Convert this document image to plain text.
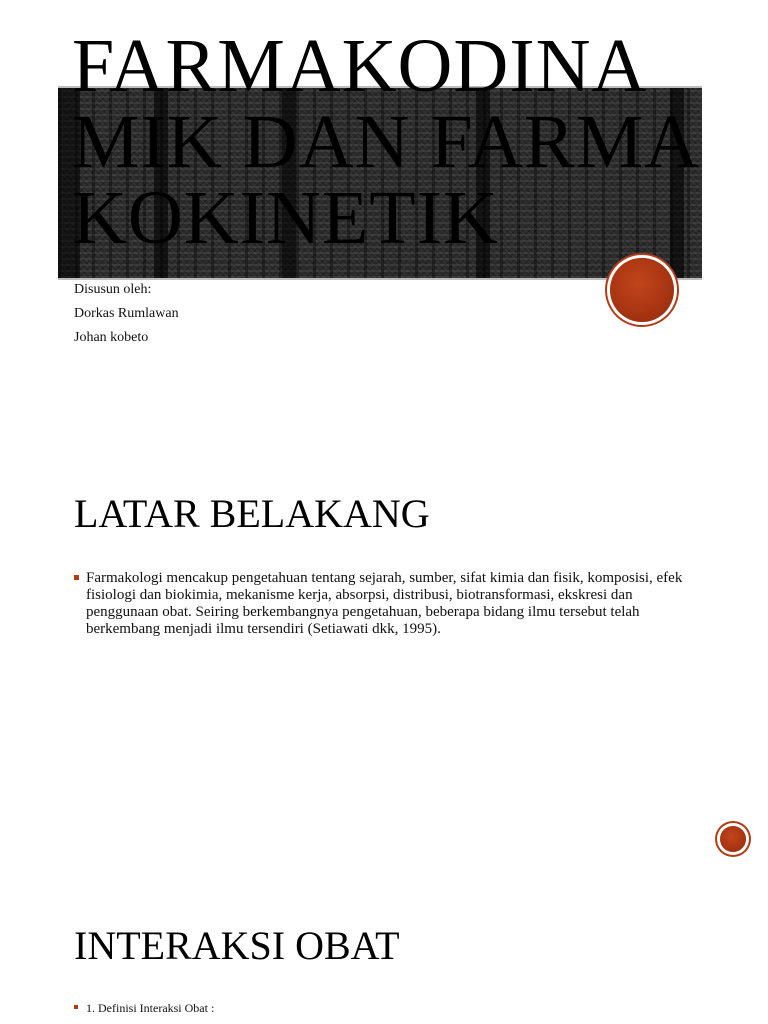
FARMAKODINAMIK DAN FARMAKOKINETIK
Disusun oleh:
Dorkas Rumlawan
Johan kobeto
LATAR BELAKANG
Farmakologi mencakup pengetahuan tentang sejarah, sumber, sifat kimia dan fisik, komposisi, efek fisiologi dan biokimia, mekanisme kerja, absorpsi, distribusi, biotransformasi, ekskresi dan penggunaan obat. Seiring berkembangnya pengetahuan, beberapa bidang ilmu tersebut telah berkembang menjadi ilmu tersendiri (Setiawati dkk, 1995).
INTERAKSI OBAT
1. Definisi Interaksi Obat :
